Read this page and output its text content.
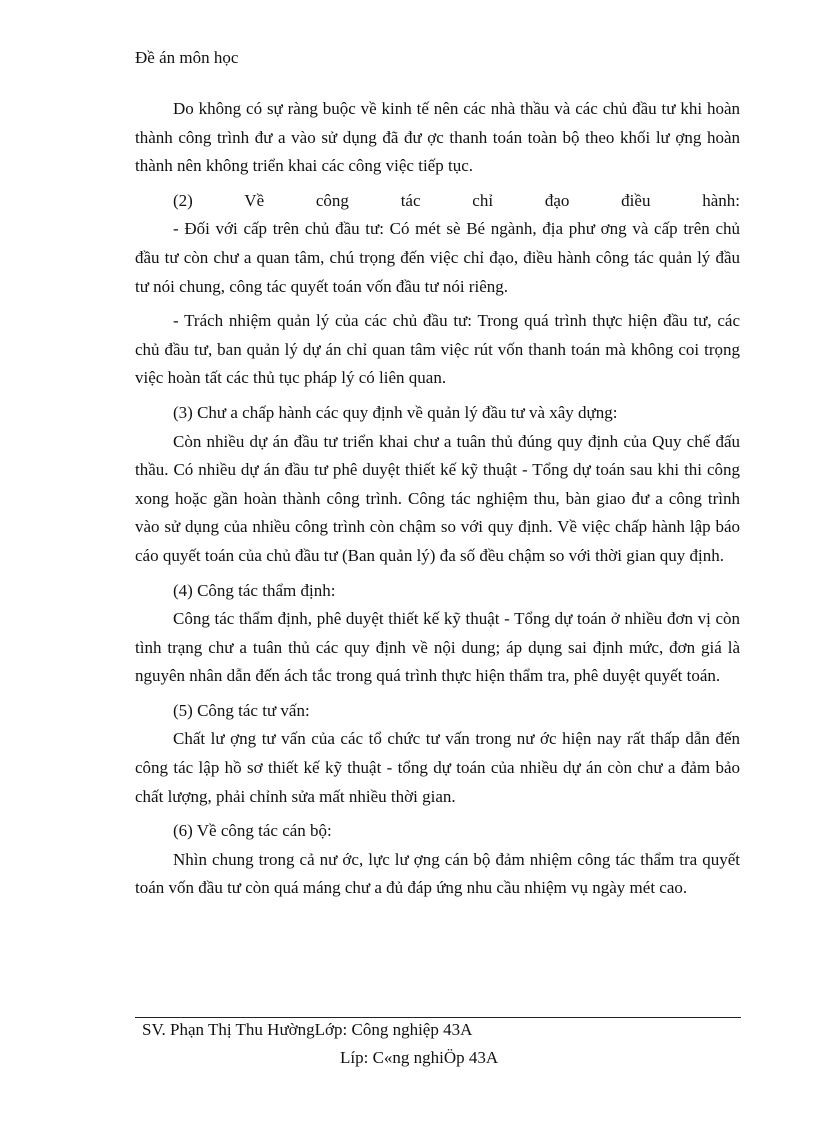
Đề án môn học

Do không có sự ràng buộc về kinh tế nên các nhà thầu và các chủ đầu tư khi hoàn thành công trình đư a vào sử dụng đã đư ợc thanh toán toàn bộ theo khối lư ợng hoàn thành nên không triển khai các công việc tiếp tục.

(2) Về công tác chỉ đạo điều hành:

- Đối với cấp trên chủ đầu tư: Có mét sè Bé ngành, địa phư ơng và cấp trên chủ đầu tư còn chư a quan tâm, chú trọng đến việc chỉ đạo, điều hành công tác quản lý đầu tư nói chung, công tác quyết toán vốn đầu tư nói riêng.

- Trách nhiệm quản lý của các chủ đầu tư: Trong quá trình thực hiện đầu tư, các chủ đầu tư, ban quản lý dự án chỉ quan tâm việc rút vốn thanh toán mà không coi trọng việc hoàn tất các thủ tục pháp lý có liên quan.

(3) Chư a chấp hành các quy định về quản lý đầu tư và xây dựng:

Còn nhiều dự án đầu tư triển khai chư a tuân thủ đúng quy định của Quy chế đấu thầu. Có nhiều dự án đầu tư phê duyệt thiết kế kỹ thuật - Tổng dự toán sau khi thi công xong hoặc gần hoàn thành công trình. Công tác nghiệm thu, bàn giao đư a công trình vào sử dụng của nhiều công trình còn chậm so với quy định. Về việc chấp hành lập báo cáo quyết toán của chủ đầu tư (Ban quản lý) đa số đều chậm so với thời gian quy định.

(4) Công tác thẩm định:

Công tác thẩm định, phê duyệt thiết kế kỹ thuật - Tổng dự toán ở nhiều đơn vị còn tình trạng chư a tuân thủ các quy định về nội dung; áp dụng sai định mức, đơn giá là nguyên nhân dẫn đến ách tắc trong quá trình thực hiện thẩm tra, phê duyệt quyết toán.

(5) Công tác tư vấn:

Chất lư ợng tư vấn của các tổ chức tư vấn trong nư ớc hiện nay rất thấp dẫn đến công tác lập hồ sơ thiết kế kỹ thuật - tổng dự toán của nhiều dự án còn chư a đảm bảo chất lượng, phải chỉnh sửa mất nhiều thời gian.

(6) Về công tác cán bộ:

Nhìn chung trong cả nư ớc, lực lư ợng cán bộ đảm nhiệm công tác thẩm tra quyết toán vốn đầu tư còn quá máng chư a đủ đáp ứng nhu cầu nhiệm vụ ngày mét cao.

SV. Phạn Thị Thu HườngLớp: Công nghiệp 43A
Líp: C«ng nghiÖp 43A
